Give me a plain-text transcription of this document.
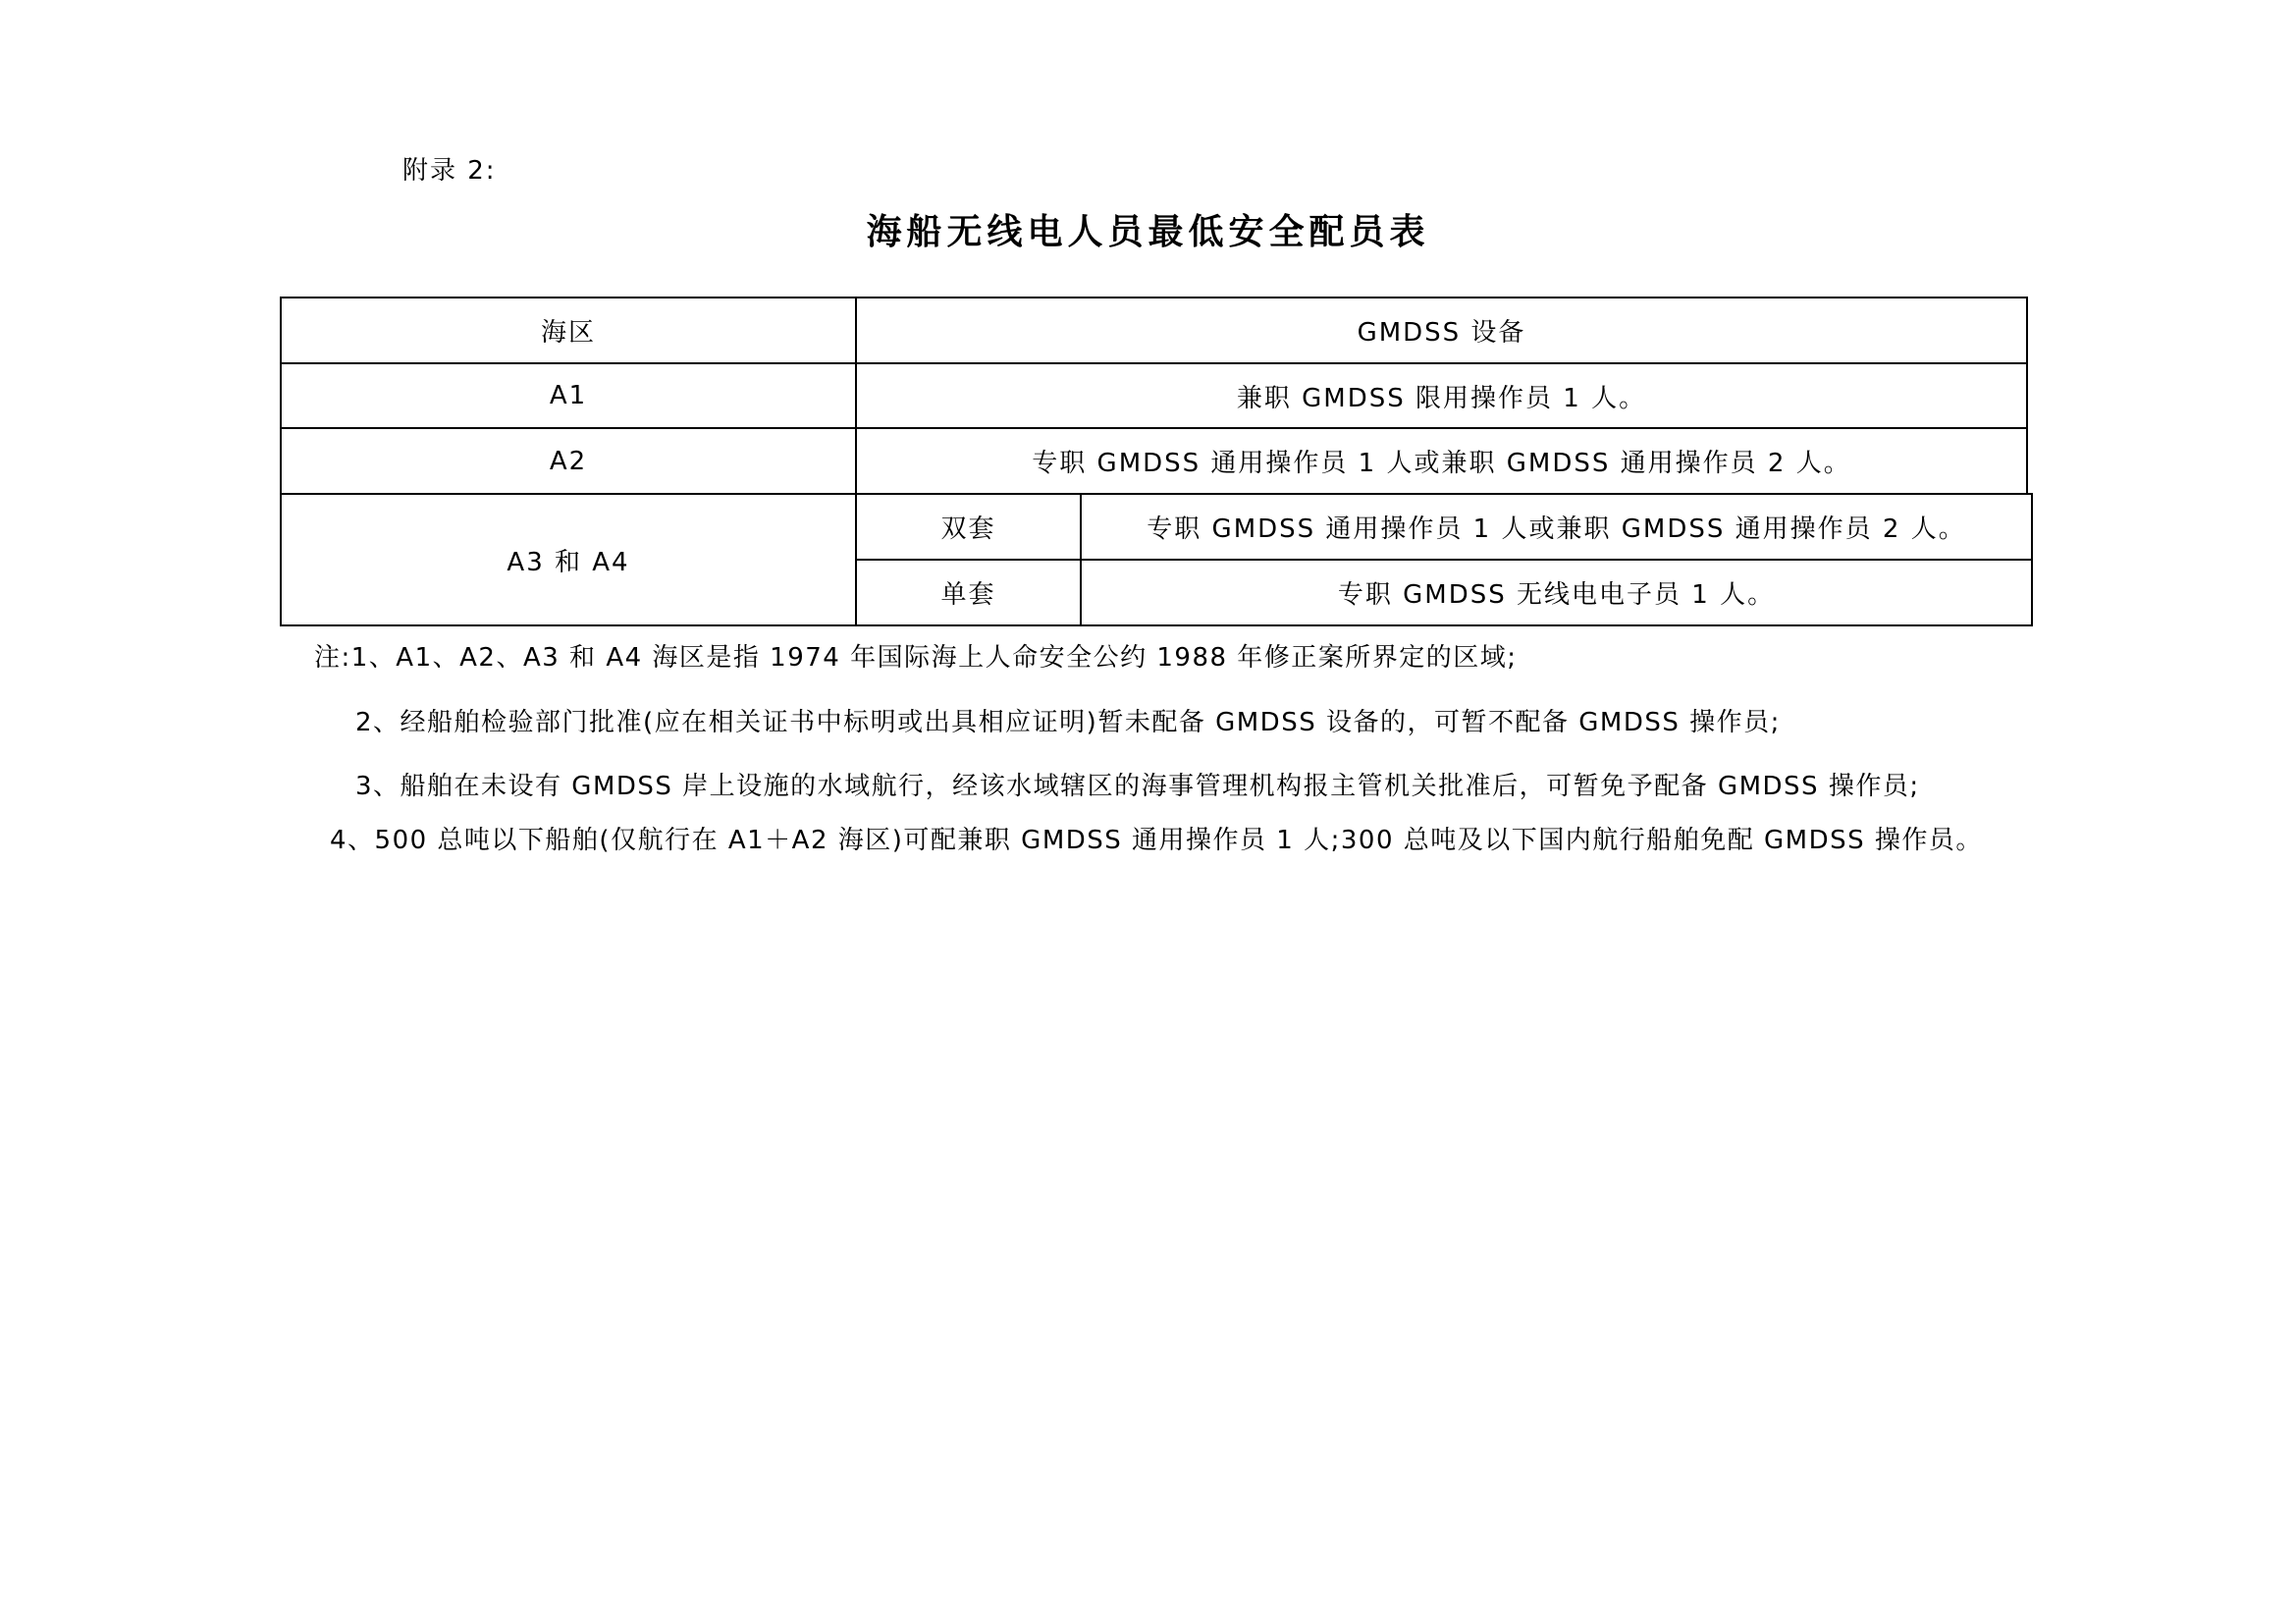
附录 2:
海船无线电人员最低安全配员表
海区	GMDSS 设备
A1	兼职 GMDSS 限用操作员 1 人。
A2	专职 GMDSS 通用操作员 1 人或兼职 GMDSS 通用操作员 2 人。
A3 和 A4
双套	专职 GMDSS 通用操作员 1 人或兼职 GMDSS 通用操作员 2 人。
单套	专职 GMDSS 无线电电子员 1 人。
注:1、A1、A2、A3 和 A4 海区是指 1974 年国际海上人命安全公约 1988 年修正案所界定的区域;
2、经船舶检验部门批准(应在相关证书中标明或出具相应证明)暂未配备 GMDSS 设备的，可暂不配备 GMDSS 操作员;
3、船舶在未设有 GMDSS 岸上设施的水域航行，经该水域辖区的海事管理机构报主管机关批准后，可暂免予配备 GMDSS 操作员;
4、500 总吨以下船舶(仅航行在 A1＋A2 海区)可配兼职 GMDSS 通用操作员 1 人;300 总吨及以下国内航行船舶免配 GMDSS 操作员。
